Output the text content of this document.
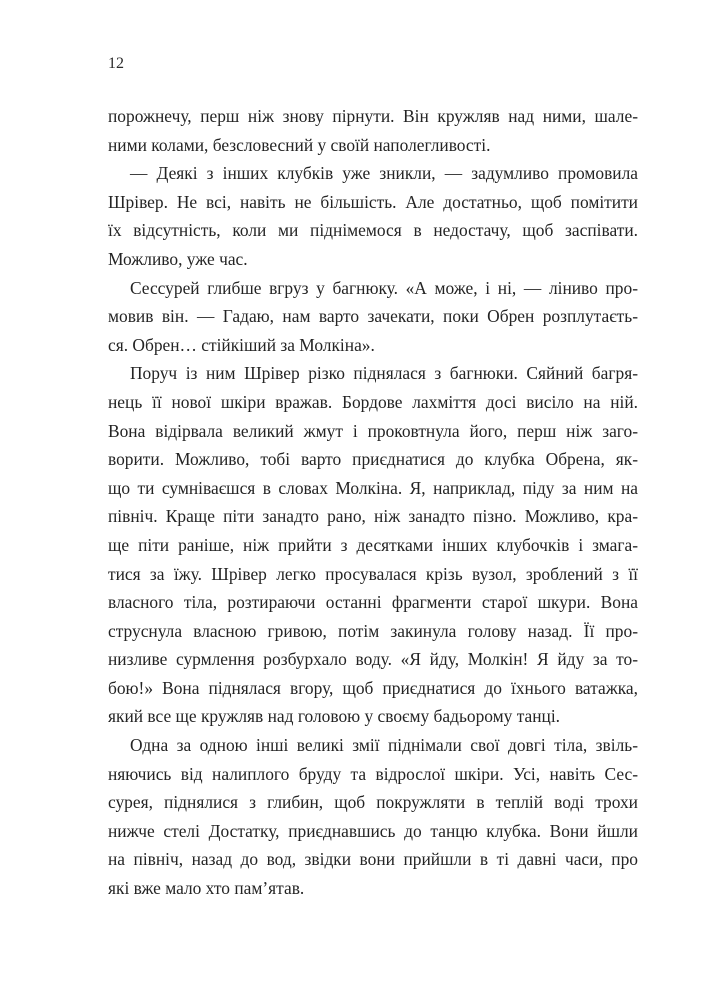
12
порожнечу, перш ніж знову пірнути. Він кружляв над ними, шале-
ними колами, безсловесний у своїй наполегливості.
— Деякі з інших клубків уже зникли, — задумливо промовила
Шрівер. Не всі, навіть не більшість. Але достатньо, щоб помітити
їх відсутність, коли ми піднімемося в недостачу, щоб заспівати.
Можливо, уже час.
Сессурей глибше вгруз у багнюку. «А може, і ні, — ліниво про-
мовив він. — Гадаю, нам варто зачекати, поки Обрен розплутаєть-
ся. Обрен… стійкіший за Молкіна».
Поруч із ним Шрівер різко піднялася з багнюки. Сяйний багря-
нець її нової шкіри вражав. Бордове лахміття досі висіло на ній.
Вона відірвала великий жмут і проковтнула його, перш ніж заго-
ворити. Можливо, тобі варто приєднатися до клубка Обрена, як-
що ти сумніваєшся в словах Молкіна. Я, наприклад, піду за ним на
північ. Краще піти занадто рано, ніж занадто пізно. Можливо, кра-
ще піти раніше, ніж прийти з десятками інших клубочків і змага-
тися за їжу. Шрівер легко просувалася крізь вузол, зроблений з її
власного тіла, розтираючи останні фрагменти старої шкури. Вона
струснула власною гривою, потім закинула голову назад. Її про-
низливе сурмлення розбурхало воду. «Я йду, Молкін! Я йду за то-
бою!» Вона піднялася вгору, щоб приєднатися до їхнього ватажка,
який все ще кружляв над головою у своєму бадьорому танці.
Одна за одною інші великі змії піднімали свої довгі тіла, звіль-
няючись від налиплого бруду та відрослої шкіри. Усі, навіть Сес-
сурея, піднялися з глибин, щоб покружляти в теплій воді трохи
нижче стелі Достатку, приєднавшись до танцю клубка. Вони йшли
на північ, назад до вод, звідки вони прийшли в ті давні часи, про
які вже мало хто пам’ятав.
